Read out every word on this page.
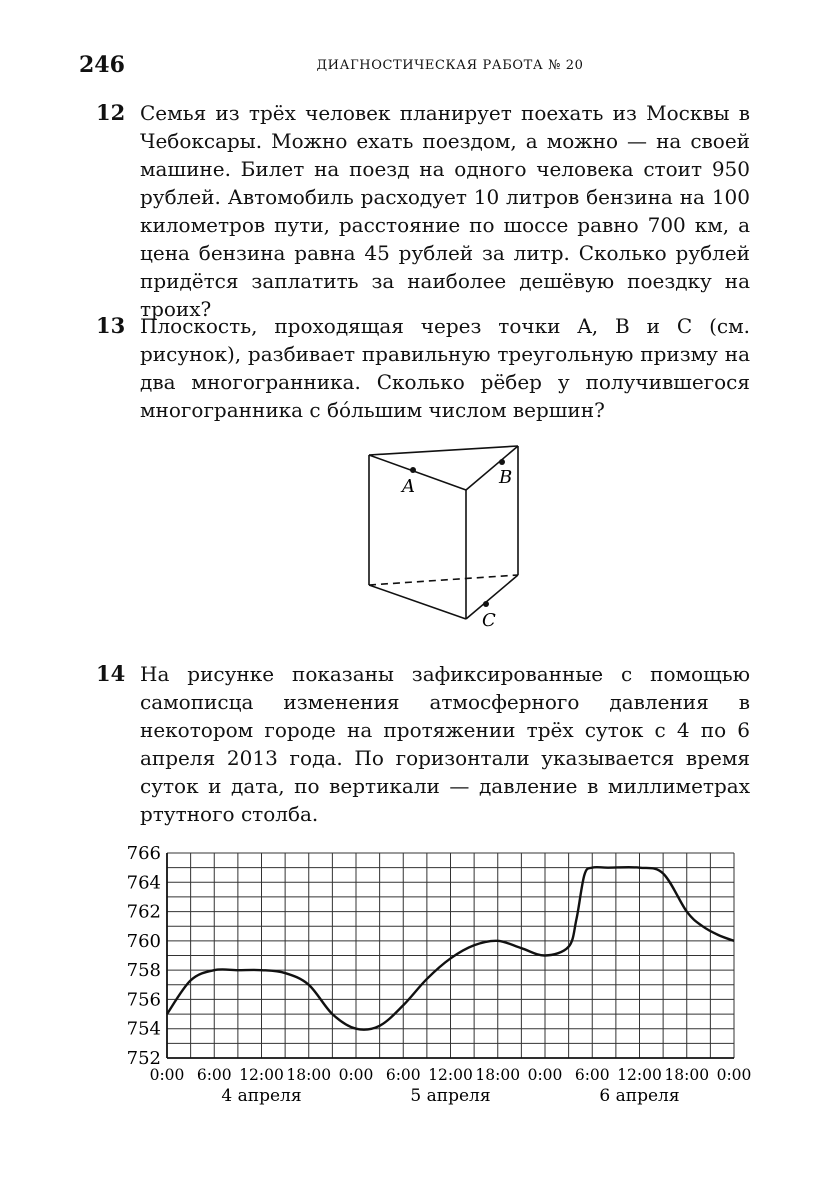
246	ДИАГНОСТИЧЕСКАЯ РАБОТА № 20
12 Семья из трёх человек планирует поехать из Москвы в Чебоксары. Можно ехать поездом, а можно — на своей машине. Билет на поезд на одного человека стоит 950 рублей. Автомобиль расходует 10 литров бензина на 100 километров пути, расстояние по шоссе равно 700 км, а цена бензина равна 45 рублей за литр. Сколько рублей придётся заплатить за наиболее дешёвую поездку на троих?
13 Плоскость, проходящая через точки A, B и C (см. рисунок), разбивает правильную треугольную призму на два многогранника. Сколько рёбер у получившегося многогранника с бóльшим числом вершин?
A	B
C
14 На рисунке показаны зафиксированные с помощью самописца изменения атмосферного давления в некотором городе на протяжении трёх суток с 4 по 6 апреля 2013 года. По горизонтали указывается время суток и дата, по вертикали — давление в миллиметрах ртутного столба.
752
754
756
758
760
762
764
766
0:00 6:00 12:00 18:00 0:00 6:00 12:00 18:00 0:00 6:00 12:00 18:00 0:00
4 апреля	5 апреля	6 апреля
